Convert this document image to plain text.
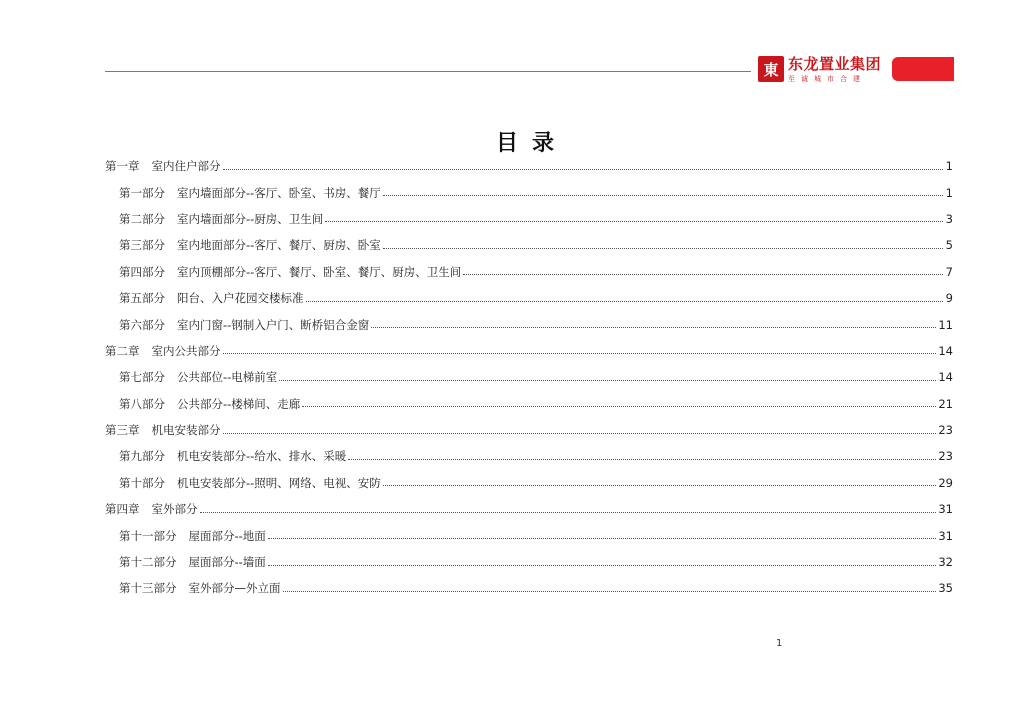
東 东龙置业集团
至诚城市合建
目录
第一章 室内住户部分	1
第一部分 室内墙面部分--客厅、卧室、书房、餐厅	1
第二部分 室内墙面部分--厨房、卫生间	3
第三部分 室内地面部分--客厅、餐厅、厨房、卧室	5
第四部分 室内顶棚部分--客厅、餐厅、卧室、餐厅、厨房、卫生间	7
第五部分 阳台、入户花园交楼标准	9
第六部分 室内门窗--钢制入户门、断桥铝合金窗	11
第二章 室内公共部分	14
第七部分 公共部位--电梯前室	14
第八部分 公共部分--楼梯间、走廊	21
第三章 机电安装部分	23
第九部分 机电安装部分--给水、排水、采暖	23
第十部分 机电安装部分--照明、网络、电视、安防	29
第四章 室外部分	31
第十一部分 屋面部分--地面	31
第十二部分 屋面部分--墙面	32
第十三部分 室外部分—外立面	35
1
